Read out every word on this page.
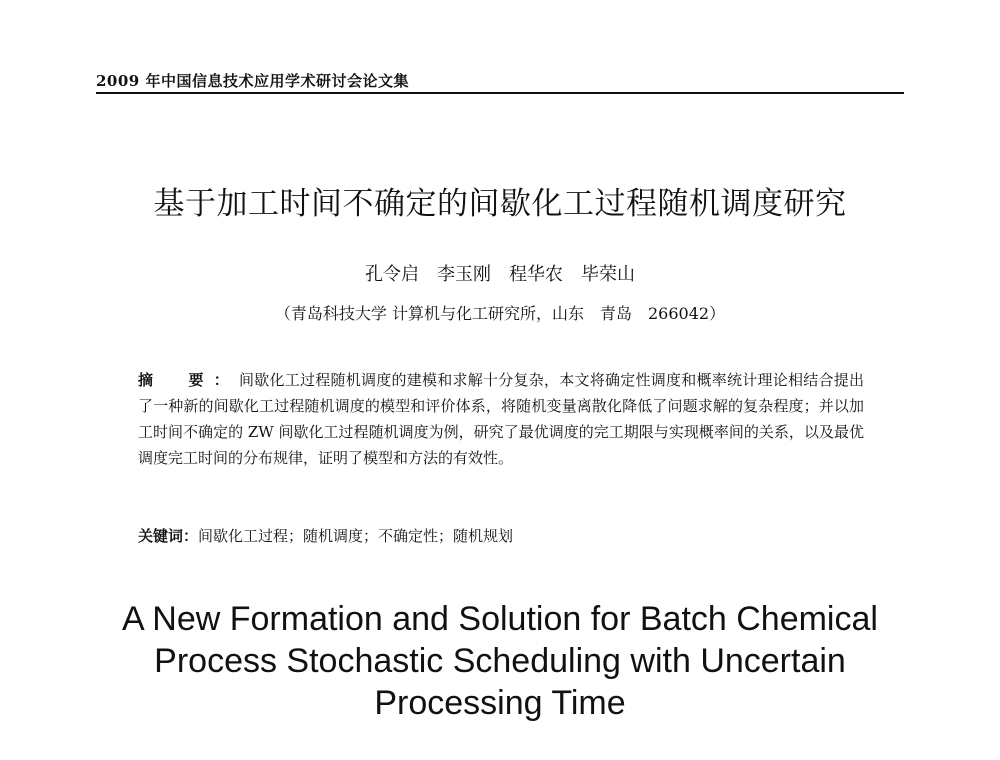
2009 年中国信息技术应用学术研讨会论文集
基于加工时间不确定的间歇化工过程随机调度研究
孔令启　李玉刚　程华农　毕荣山
（青岛科技大学 计算机与化工研究所，山东　青岛　266042）
摘　要：间歇化工过程随机调度的建模和求解十分复杂，本文将确定性调度和概率统计理论相结合提出了一种新的间歇化工过程随机调度的模型和评价体系，将随机变量离散化降低了问题求解的复杂程度；并以加工时间不确定的 ZW 间歇化工过程随机调度为例，研究了最优调度的完工期限与实现概率间的关系，以及最优调度完工时间的分布规律，证明了模型和方法的有效性。
关键词：间歇化工过程；随机调度；不确定性；随机规划
A New Formation and Solution for Batch Chemical
Process Stochastic Scheduling with Uncertain
Processing Time
